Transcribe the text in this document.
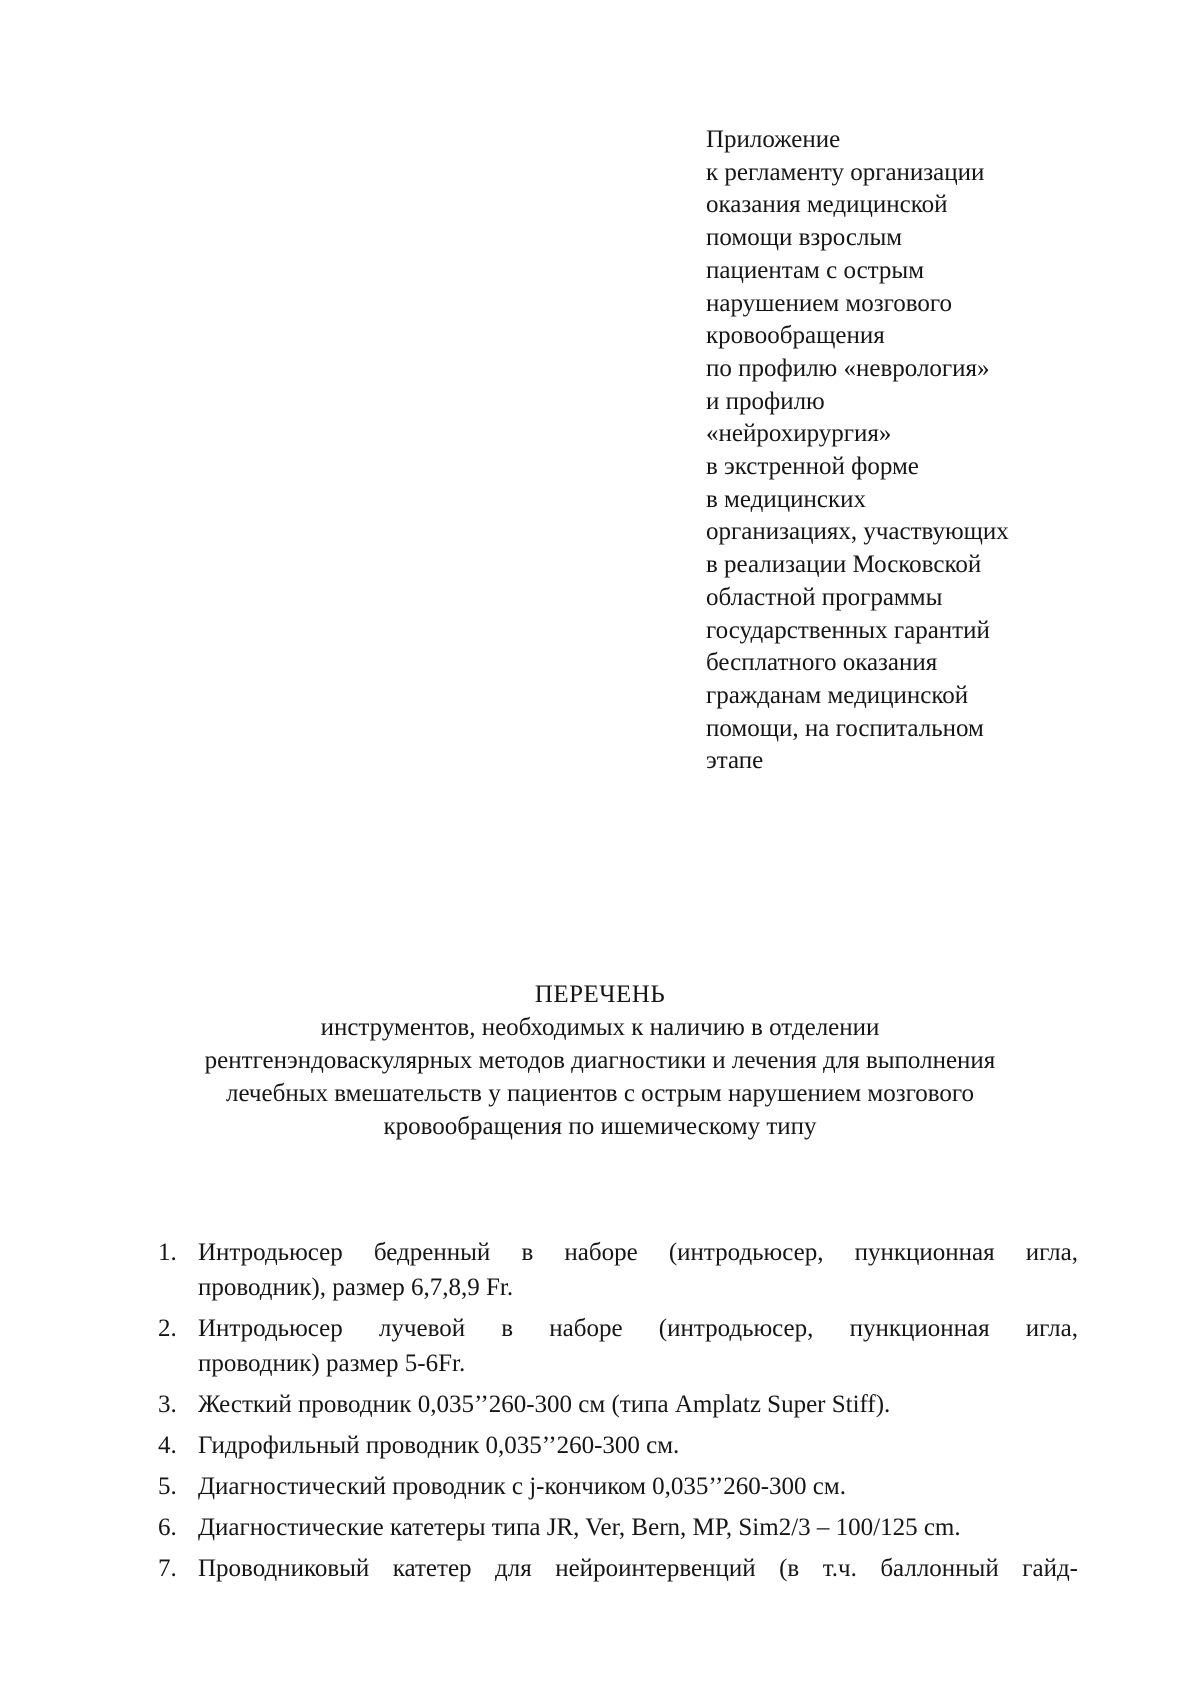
Приложение
к регламенту организации
оказания медицинской
помощи взрослым
пациентам с острым
нарушением мозгового
кровообращения
по профилю «неврология»
и профилю
«нейрохирургия»
в экстренной форме
в медицинских
организациях, участвующих
в реализации Московской
областной программы
государственных гарантий
бесплатного оказания
гражданам медицинской
помощи, на госпитальном
этапе
ПЕРЕЧЕНЬ
инструментов, необходимых к наличию в отделении
рентгенэндоваскулярных методов диагностики и лечения для выполнения
лечебных вмешательств у пациентов с острым нарушением мозгового
кровообращения по ишемическому типу
1. Интродьюсер бедренный в наборе (интродьюсер, пункционная игла,
проводник), размер 6,7,8,9 Fr.
2. Интродьюсер лучевой в наборе (интродьюсер, пункционная игла,
проводник) размер 5-6Fr.
3. Жесткий проводник 0,035’’260-300 см (типа Amplatz Super Stiff).
4. Гидрофильный проводник 0,035’’260-300 см.
5. Диагностический проводник с j-кончиком 0,035’’260-300 см.
6. Диагностические катетеры типа JR, Ver, Bern, MP, Sim2/3 – 100/125 cm.
7. Проводниковый катетер для нейроинтервенций (в т.ч. баллонный гайд-
